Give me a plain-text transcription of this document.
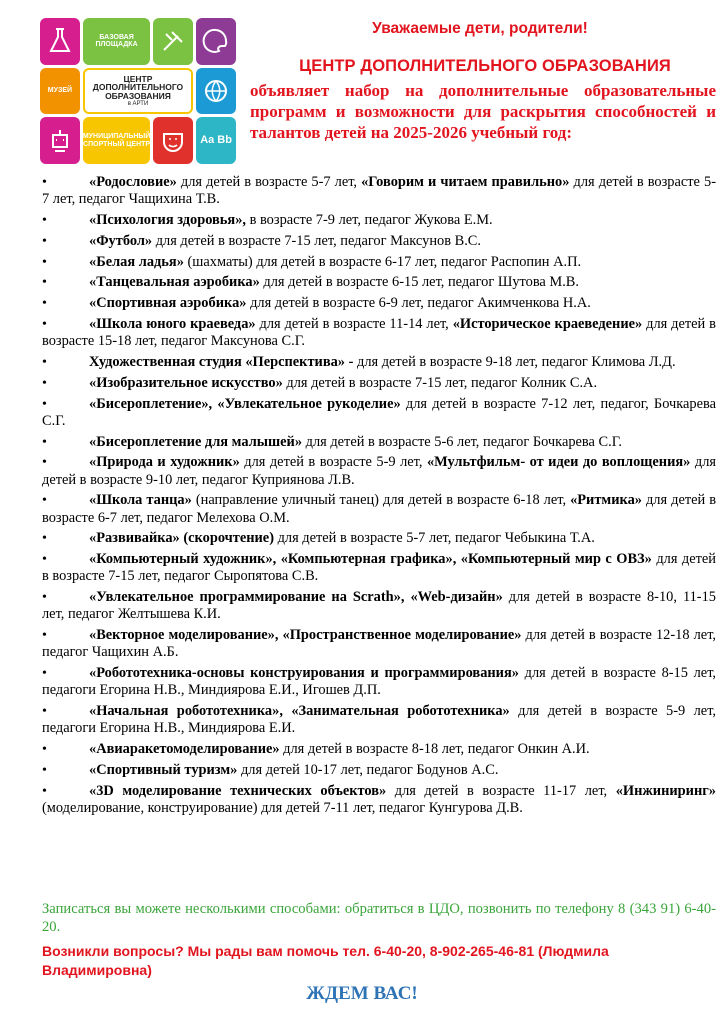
БАЗОВАЯ ПЛОЩАДКА
МУЗЕЙ
ЦЕНТР
ДОПОЛНИТЕЛЬНОГО
ОБРАЗОВАНИЯ
в АРТИ
МУНИЦИПАЛЬНЫЙ СПОРТНЫЙ ЦЕНТР	Aa Bb
Уважаемые дети, родители!
ЦЕНТР ДОПОЛНИТЕЛЬНОГО ОБРАЗОВАНИЯ

объявляет набор на дополнительные образовательные программ и возможности для раскрытия способностей и талантов детей на 2025-2026 учебный год:

• «Родословие» для детей в возрасте 5-7 лет, «Говорим и читаем правильно» для детей в возрасте 5-7 лет, педагог Чащихина Т.В.
• «Психология здоровья», в возрасте 7-9 лет, педагог Жукова Е.М.
• «Футбол» для детей в возрасте 7-15 лет, педагог Максунов В.С.
• «Белая ладья» (шахматы) для детей в возрасте 6-17 лет, педагог Распопин А.П.
• «Танцевальная аэробика» для детей в возрасте 6-15 лет, педагог Шутова М.В.
• «Спортивная аэробика» для детей в возрасте 6-9 лет, педагог Акимченкова Н.А.
• «Школа юного краеведа» для детей в возрасте 11-14 лет, «Историческое краеведение» для детей в возрасте 15-18 лет, педагог Максунова С.Г.
• Художественная студия «Перспектива» - для детей в возрасте 9-18 лет, педагог Климова Л.Д.
• «Изобразительное искусство» для детей в возрасте 7-15 лет, педагог Колник С.А.
• «Бисероплетение», «Увлекательное рукоделие» для детей в возрасте 7-12 лет, педагог, Бочкарева С.Г.
• «Бисероплетение для малышей» для детей в возрасте 5-6 лет, педагог Бочкарева С.Г.
• «Природа и художник» для детей в возрасте 5-9 лет, «Мультфильм- от идеи до воплощения» для детей в возрасте 9-10 лет, педагог Куприянова Л.В.
• «Школа танца» (направление уличный танец) для детей в возрасте 6-18 лет, «Ритмика» для детей в возрасте 6-7 лет, педагог Мелехова О.М.
• «Развивайка» (скорочтение) для детей в возрасте 5-7 лет, педагог Чебыкина Т.А.
• «Компьютерный художник», «Компьютерная графика», «Компьютерный мир с ОВЗ» для детей в возрасте 7-15 лет, педагог Сыропятова С.В.
• «Увлекательное программирование на Scrath», «Web-дизайн» для детей в возрасте 8-10, 11-15 лет, педагог Желтышева К.И.
• «Векторное моделирование», «Пространственное моделирование» для детей в возрасте 12-18 лет, педагог Чащихин А.Б.
• «Робототехника-основы конструирования и программирования» для детей в возрасте 8-15 лет, педагоги Егорина Н.В., Миндиярова Е.И., Игошев Д.П.
• «Начальная робототехника», «Занимательная робототехника» для детей в возрасте 5-9 лет, педагоги Егорина Н.В., Миндиярова Е.И.
• «Авиаракетомоделирование» для детей в возрасте 8-18 лет, педагог Онкин А.И.
• «Спортивный туризм» для детей 10-17 лет, педагог Бодунов А.С.
• «3D моделирование технических объектов» для детей в возрасте 11-17 лет, «Инжиниринг» (моделирование, конструирование) для детей 7-11 лет, педагог Кунгурова Д.В.

Записаться вы можете несколькими способами: обратиться в ЦДО, позвонить по телефону 8 (343 91) 6-40-20.

Возникли вопросы? Мы рады вам помочь тел. 6-40-20, 8-902-265-46-81 (Людмила Владимировна)

ЖДЕМ ВАС!
